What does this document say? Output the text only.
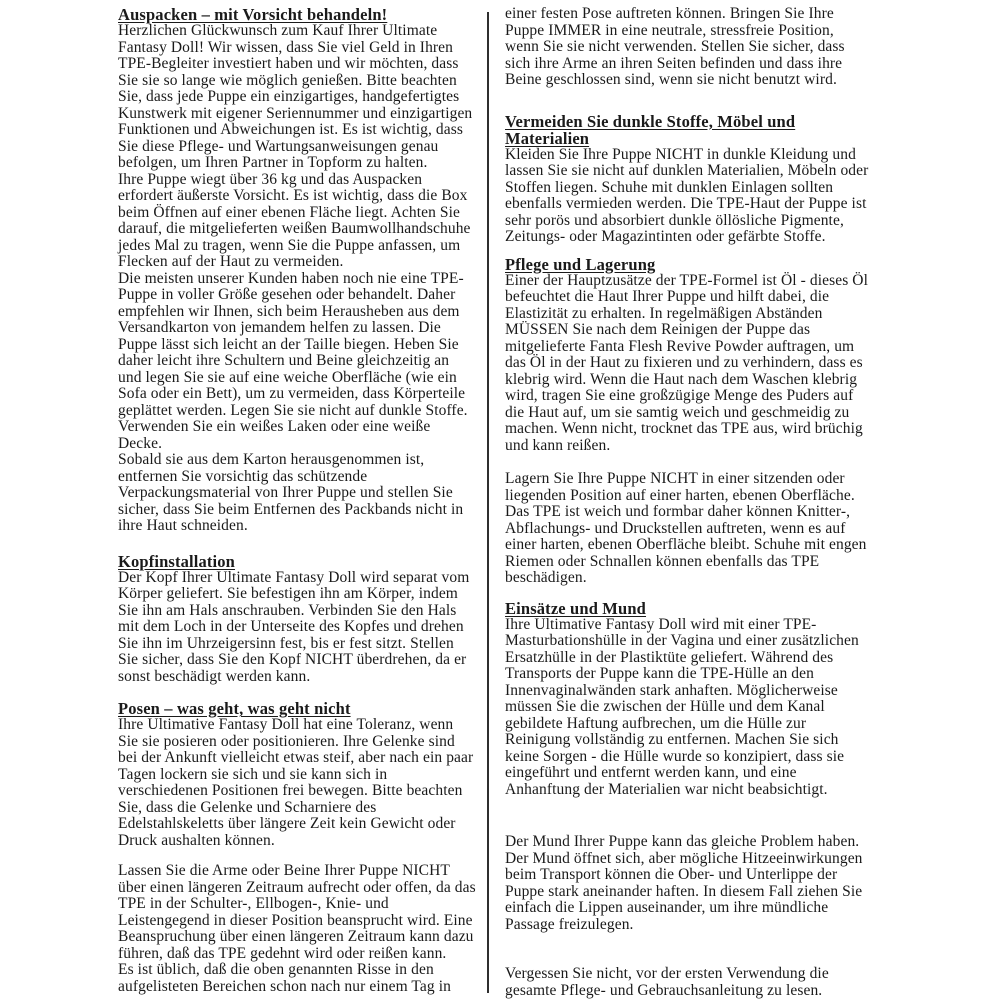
Auspacken – mit Vorsicht behandeln!

Herzlichen Glückwunsch zum Kauf Ihrer Ultimate Fantasy Doll! Wir wissen, dass Sie viel Geld in Ihren TPE-Begleiter investiert haben und wir möchten, dass Sie sie so lange wie möglich genießen. Bitte beachten Sie, dass jede Puppe ein einzigartiges, handgefertigtes Kunstwerk mit eigener Seriennummer und einzigartigen Funktionen und Abweichungen ist. Es ist wichtig, dass Sie diese Pflege- und Wartungsanweisungen genau befolgen, um Ihren Partner in Topform zu halten.

Ihre Puppe wiegt über 36 kg und das Auspacken erfordert äußerste Vorsicht. Es ist wichtig, dass die Box beim Öffnen auf einer ebenen Fläche liegt. Achten Sie darauf, die mitgelieferten weißen Baumwollhandschuhe jedes Mal zu tragen, wenn Sie die Puppe anfassen, um Flecken auf der Haut zu vermeiden.

Die meisten unserer Kunden haben noch nie eine TPE-Puppe in voller Größe gesehen oder behandelt. Daher empfehlen wir Ihnen, sich beim Herausheben aus dem Versandkarton von jemandem helfen zu lassen. Die Puppe lässt sich leicht an der Taille biegen. Heben Sie daher leicht ihre Schultern und Beine gleichzeitig an und legen Sie sie auf eine weiche Oberfläche (wie ein Sofa oder ein Bett), um zu vermeiden, dass Körperteile geplättet werden. Legen Sie sie nicht auf dunkle Stoffe. Verwenden Sie ein weißes Laken oder eine weiße Decke.

Sobald sie aus dem Karton herausgenommen ist, entfernen Sie vorsichtig das schützende Verpackungsmaterial von Ihrer Puppe und stellen Sie sicher, dass Sie beim Entfernen des Packbands nicht in ihre Haut schneiden.

Kopfinstallation

Der Kopf Ihrer Ultimate Fantasy Doll wird separat vom Körper geliefert. Sie befestigen ihn am Körper, indem Sie ihn am Hals anschrauben. Verbinden Sie den Hals mit dem Loch in der Unterseite des Kopfes und drehen Sie ihn im Uhrzeigersinn fest, bis er fest sitzt. Stellen Sie sicher, dass Sie den Kopf NICHT überdrehen, da er sonst beschädigt werden kann.

Posen – was geht, was geht nicht

Ihre Ultimative Fantasy Doll hat eine Toleranz, wenn Sie sie posieren oder positionieren. Ihre Gelenke sind bei der Ankunft vielleicht etwas steif, aber nach ein paar Tagen lockern sie sich und sie kann sich in verschiedenen Positionen frei bewegen. Bitte beachten Sie, dass die Gelenke und Scharniere des Edelstahlskeletts über längere Zeit kein Gewicht oder Druck aushalten können.

Lassen Sie die Arme oder Beine Ihrer Puppe NICHT über einen längeren Zeitraum aufrecht oder offen, da das TPE in der Schulter-, Ellbogen-, Knie- und Leistengegend in dieser Position beansprucht wird. Eine Beanspruchung über einen längeren Zeitraum kann dazu führen, daß das TPE gedehnt wird oder reißen kann.

Es ist üblich, daß die oben genannten Risse in den aufgelisteten Bereichen schon nach nur einem Tag in

einer festen Pose auftreten können. Bringen Sie Ihre Puppe IMMER in eine neutrale, stressfreie Position, wenn Sie sie nicht verwenden. Stellen Sie sicher, dass sich ihre Arme an ihren Seiten befinden und dass ihre Beine geschlossen sind, wenn sie nicht benutzt wird.

Vermeiden Sie dunkle Stoffe, Möbel und Materialien

Kleiden Sie Ihre Puppe NICHT in dunkle Kleidung und lassen Sie sie nicht auf dunklen Materialien, Möbeln oder Stoffen liegen. Schuhe mit dunklen Einlagen sollten ebenfalls vermieden werden. Die TPE-Haut der Puppe ist sehr porös und absorbiert dunkle öllösliche Pigmente, Zeitungs- oder Magazintinten oder gefärbte Stoffe.

Pflege und Lagerung

Einer der Hauptzusätze der TPE-Formel ist Öl - dieses Öl befeuchtet die Haut Ihrer Puppe und hilft dabei, die Elastizität zu erhalten. In regelmäßigen Abständen MÜSSEN Sie nach dem Reinigen der Puppe das mitgelieferte Fanta Flesh Revive Powder auftragen, um das Öl in der Haut zu fixieren und zu verhindern, dass es klebrig wird. Wenn die Haut nach dem Waschen klebrig wird, tragen Sie eine großzügige Menge des Puders auf die Haut auf, um sie samtig weich und geschmeidig zu machen. Wenn nicht, trocknet das TPE aus, wird brüchig und kann reißen.

Lagern Sie Ihre Puppe NICHT in einer sitzenden oder liegenden Position auf einer harten, ebenen Oberfläche. Das TPE ist weich und formbar daher können Knitter-, Abflachungs- und Druckstellen auftreten, wenn es auf einer harten, ebenen Oberfläche bleibt. Schuhe mit engen Riemen oder Schnallen können ebenfalls das TPE beschädigen.

Einsätze und Mund

Ihre Ultimative Fantasy Doll wird mit einer TPE-Masturbationshülle in der Vagina und einer zusätzlichen Ersatzhülle in der Plastiktüte geliefert. Während des Transports der Puppe kann die TPE-Hülle an den Innenvaginalwänden stark anhaften. Möglicherweise müssen Sie die zwischen der Hülle und dem Kanal gebildete Haftung aufbrechen, um die Hülle zur Reinigung vollständig zu entfernen. Machen Sie sich keine Sorgen - die Hülle wurde so konzipiert, dass sie eingeführt und entfernt werden kann, und eine Anhanftung der Materialien war nicht beabsichtigt.

Der Mund Ihrer Puppe kann das gleiche Problem haben. Der Mund öffnet sich, aber mögliche Hitzeeinwirkungen beim Transport können die Ober- und Unterlippe der Puppe stark aneinander haften. In diesem Fall ziehen Sie einfach die Lippen auseinander, um ihre mündliche Passage freizulegen.

Vergessen Sie nicht, vor der ersten Verwendung die gesamte Pflege- und Gebrauchsanleitung zu lesen.
